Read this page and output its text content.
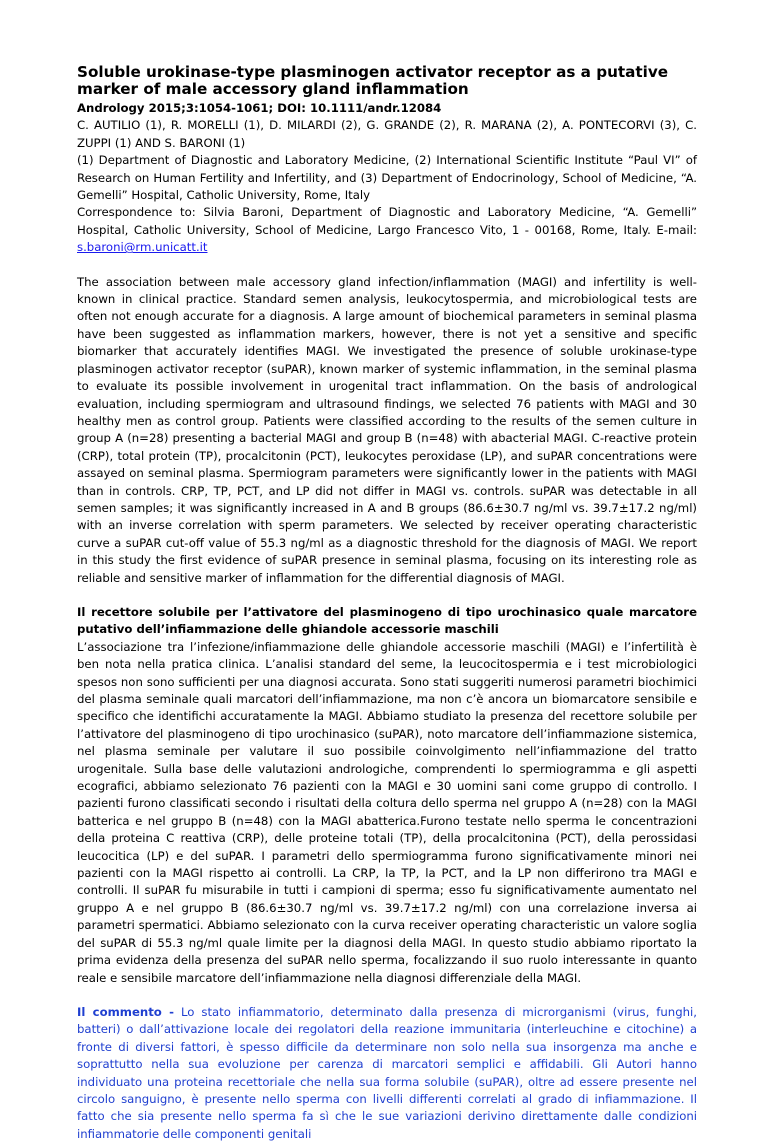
Soluble urokinase-type plasminogen activator receptor as a putative marker of male accessory gland inflammation

Andrology 2015;3:1054-1061; DOI: 10.1111/andr.12084

C. AUTILIO (1), R. MORELLI (1), D. MILARDI (2), G. GRANDE (2), R. MARANA (2), A. PONTECORVI (3), C. ZUPPI (1) AND S. BARONI (1)

(1) Department of Diagnostic and Laboratory Medicine, (2) International Scientific Institute “Paul VI” of Research on Human Fertility and Infertility, and (3) Department of Endocrinology, School of Medicine, “A. Gemelli” Hospital, Catholic University, Rome, Italy

Correspondence to: Silvia Baroni, Department of Diagnostic and Laboratory Medicine, “A. Gemelli” Hospital, Catholic University, School of Medicine, Largo Francesco Vito, 1 - 00168, Rome, Italy. E-mail: s.baroni@rm.unicatt.it

The association between male accessory gland infection/inflammation (MAGI) and infertility is well-known in clinical practice. Standard semen analysis, leukocytospermia, and microbiological tests are often not enough accurate for a diagnosis. A large amount of biochemical parameters in seminal plasma have been suggested as inflammation markers, however, there is not yet a sensitive and specific biomarker that accurately identifies MAGI. We investigated the presence of soluble urokinase-type plasminogen activator receptor (suPAR), known marker of systemic inflammation, in the seminal plasma to evaluate its possible involvement in urogenital tract inflammation. On the basis of andrological evaluation, including spermiogram and ultrasound findings, we selected 76 patients with MAGI and 30 healthy men as control group. Patients were classified according to the results of the semen culture in group A (n=28) presenting a bacterial MAGI and group B (n=48) with abacterial MAGI. C-reactive protein (CRP), total protein (TP), procalcitonin (PCT), leukocytes peroxidase (LP), and suPAR concentrations were assayed on seminal plasma. Spermiogram parameters were significantly lower in the patients with MAGI than in controls. CRP, TP, PCT, and LP did not differ in MAGI vs. controls. suPAR was detectable in all semen samples; it was significantly increased in A and B groups (86.6±30.7 ng/ml vs. 39.7±17.2 ng/ml) with an inverse correlation with sperm parameters. We selected by receiver operating characteristic curve a suPAR cut-off value of 55.3 ng/ml as a diagnostic threshold for the diagnosis of MAGI. We report in this study the first evidence of suPAR presence in seminal plasma, focusing on its interesting role as reliable and sensitive marker of inflammation for the differential diagnosis of MAGI.

Il recettore solubile per l’attivatore del plasminogeno di tipo urochinasico quale marcatore putativo dell’infiammazione delle ghiandole accessorie maschili

L’associazione tra l’infezione/infiammazione delle ghiandole accessorie maschili (MAGI) e l’infertilità è ben nota nella pratica clinica. L’analisi standard del seme, la leucocitospermia e i test microbiologici spesos non sono sufficienti per una diagnosi accurata. Sono stati suggeriti numerosi parametri biochimici del plasma seminale quali marcatori dell’infiammazione, ma non c’è ancora un biomarcatore sensibile e specifico che identifichi accuratamente la MAGI. Abbiamo studiato la presenza del recettore solubile per l’attivatore del plasminogeno di tipo urochinasico (suPAR), noto marcatore dell’infiammazione sistemica, nel plasma seminale per valutare il suo possibile coinvolgimento nell’infiammazione del tratto urogenitale. Sulla base delle valutazioni andrologiche, comprendenti lo spermiogramma e gli aspetti ecografici, abbiamo selezionato 76 pazienti con la MAGI e 30 uomini sani come gruppo di controllo. I pazienti furono classificati secondo i risultati della coltura dello sperma nel gruppo A (n=28) con la MAGI batterica e nel gruppo B (n=48) con la MAGI abatterica.Furono testate nello sperma le concentrazioni della proteina C reattiva (CRP), delle proteine totali (TP), della procalcitonina (PCT), della perossidasi leucocitica (LP) e del suPAR. I parametri dello spermiogramma furono significativamente minori nei pazienti con la MAGI rispetto ai controlli. La CRP, la TP, la PCT, and la LP non differirono tra MAGI e controlli. Il suPAR fu misurabile in tutti i campioni di sperma; esso fu significativamente aumentato nel gruppo A e nel gruppo B (86.6±30.7 ng/ml vs. 39.7±17.2 ng/ml) con una correlazione inversa ai parametri spermatici. Abbiamo selezionato con la curva receiver operating characteristic un valore soglia del suPAR di 55.3 ng/ml quale limite per la diagnosi della MAGI. In questo studio abbiamo riportato la prima evidenza della presenza del suPAR nello sperma, focalizzando il suo ruolo interessante in quanto reale e sensibile marcatore dell’infiammazione nella diagnosi differenziale della MAGI.

Il commento - Lo stato infiammatorio, determinato dalla presenza di microrganismi (virus, funghi, batteri) o dall’attivazione locale dei regolatori della reazione immunitaria (interleuchine e citochine) a fronte di diversi fattori, è spesso difficile da determinare non solo nella sua insorgenza ma anche e soprattutto nella sua evoluzione per carenza di marcatori semplici e affidabili. Gli Autori hanno individuato una proteina recettoriale che nella sua forma solubile (suPAR), oltre ad essere presente nel circolo sanguigno, è presente nello sperma con livelli differenti correlati al grado di infiammazione. Il fatto che sia presente nello sperma fa sì che le sue variazioni derivino direttamente dalle condizioni infiammatorie delle componenti genitali
